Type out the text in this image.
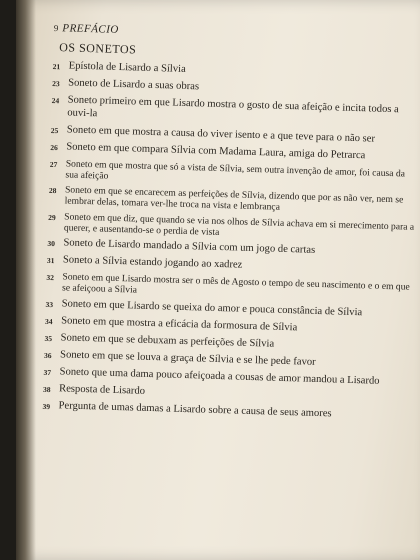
9 PREFÁCIO
OS SONETOS
21 Epístola de Lisardo a Sílvia
23 Soneto de Lisardo a suas obras
24 Soneto primeiro em que Lisardo mostra o gosto de sua afeição e incita todos a ouvi-la
25 Soneto em que mostra a causa do viver isento e a que teve para o não ser
26 Soneto em que compara Sílvia com Madama Laura, amiga do Petrarca
27 Soneto em que mostra que só a vista de Sílvia, sem outra invenção de amor, foi causa da sua afeição
28 Soneto em que se encarecem as perfeições de Sílvia, dizendo que por as não ver, nem se lembrar delas, tomara ver-lhe troca na vista e lembrança
29 Soneto em que diz, que quando se via nos olhos de Sílvia achava em si merecimento para a querer, e ausentando-se o perdia de vista
30 Soneto de Lisardo mandado a Sílvia com um jogo de cartas
31 Soneto a Sílvia estando jogando ao xadrez
32 Soneto em que Lisardo mostra ser o mês de Agosto o tempo de seu nascimento e o em que se afeiçoou a Sílvia
33 Soneto em que Lisardo se queixa do amor e pouca constância de Sílvia
34 Soneto em que mostra a eficácia da formosura de Sílvia
35 Soneto em que se debuxam as perfeições de Sílvia
36 Soneto em que se louva a graça de Sílvia e se lhe pede favor
37 Soneto que uma dama pouco afeiçoada a cousas de amor mandou a Lisardo
38 Resposta de Lisardo
39 Pergunta de umas damas a Lisardo sobre a causa de seus amores
